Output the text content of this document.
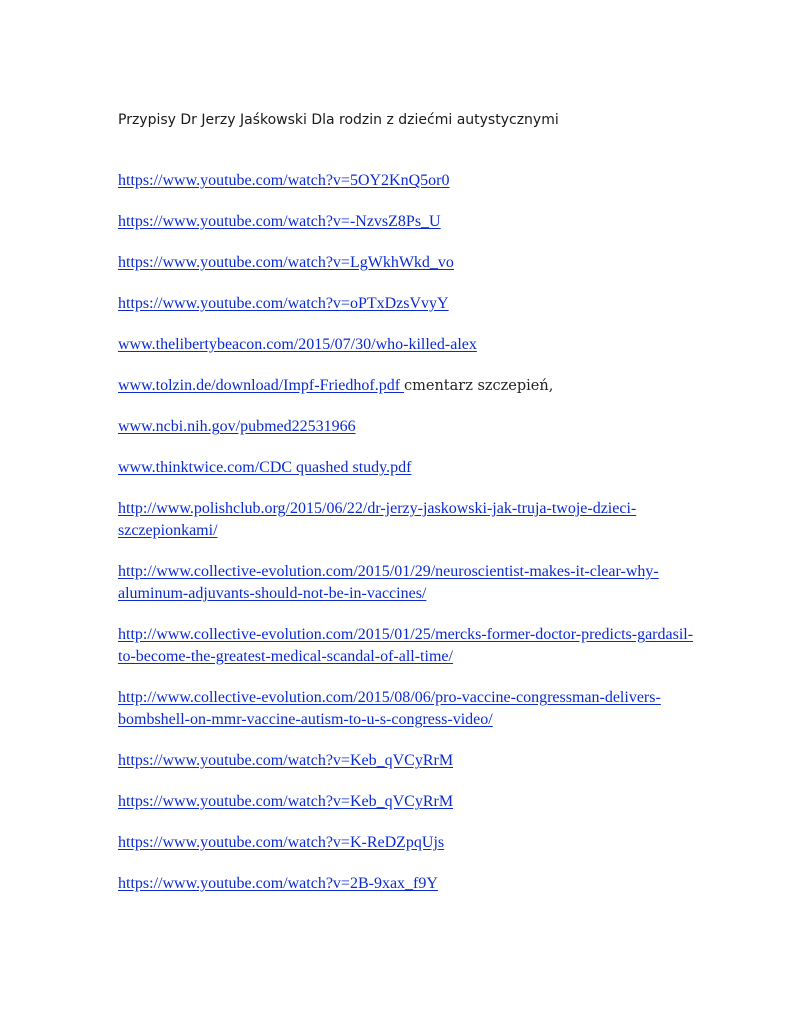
Przypisy Dr Jerzy Jaśkowski Dla rodzin z dziećmi autystycznymi
https://www.youtube.com/watch?v=5OY2KnQ5or0
https://www.youtube.com/watch?v=-NzvsZ8Ps_U
https://www.youtube.com/watch?v=LgWkhWkd_vo
https://www.youtube.com/watch?v=oPTxDzsVvyY
www.thelibertybeacon.com/2015/07/30/who-killed-alex
www.tolzin.de/download/Impf-Friedhof.pdf cmentarz szczepień,
www.ncbi.nih.gov/pubmed22531966
www.thinktwice.com/CDC quashed study.pdf
http://www.polishclub.org/2015/06/22/dr-jerzy-jaskowski-jak-truja-twoje-dzieci-szczepionkami/
http://www.collective-evolution.com/2015/01/29/neuroscientist-makes-it-clear-why-aluminum-adjuvants-should-not-be-in-vaccines/
http://www.collective-evolution.com/2015/01/25/mercks-former-doctor-predicts-gardasil-to-become-the-greatest-medical-scandal-of-all-time/
http://www.collective-evolution.com/2015/08/06/pro-vaccine-congressman-delivers-bombshell-on-mmr-vaccine-autism-to-u-s-congress-video/
https://www.youtube.com/watch?v=Keb_qVCyRrM
https://www.youtube.com/watch?v=Keb_qVCyRrM
https://www.youtube.com/watch?v=K-ReDZpqUjs
https://www.youtube.com/watch?v=2B-9xax_f9Y
